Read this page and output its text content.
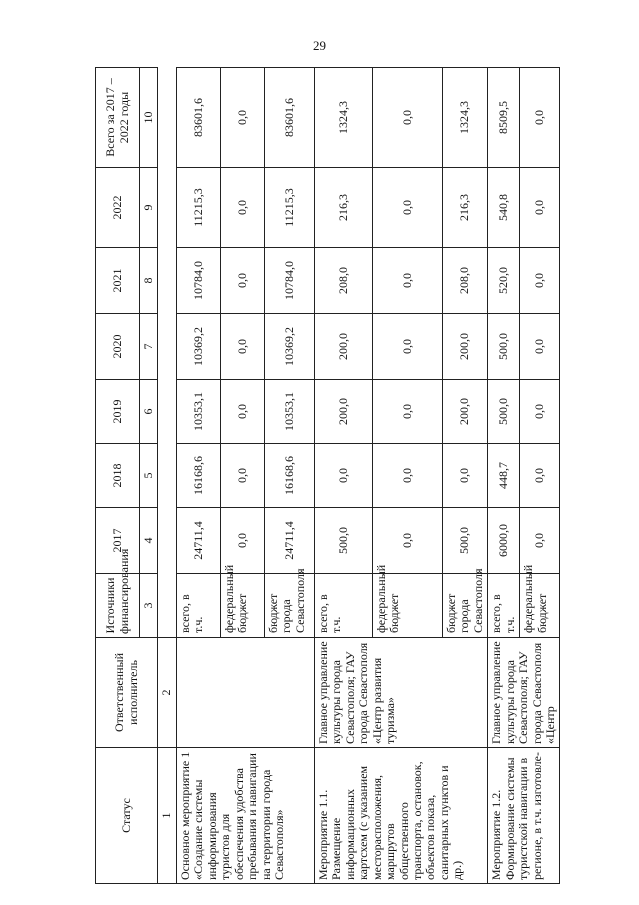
29
Статус	Ответственный исполнитель	Источники финансирования	2017	2018	2019	2020	2021	2022	Всего за 2017 – 2022 годы
		3	4	5	6	7	8	9	10

1	2								
Основное мероприятие 1 «Создание системы информирования туристов для обеспечения удобства пребывания и навигации на территории города Севастополя»		всего, в т.ч.	24711,4	16168,6	10353,1	10369,2	10784,0	11215,3	83601,6
		федеральный бюджет	0,0	0,0	0,0	0,0	0,0	0,0	0,0
		бюджет города Севастополя	24711,4	16168,6	10353,1	10369,2	10784,0	11215,3	83601,6
Мероприятие 1.1. Размещение информационных картсхем (с указанием месторасположения, маршрутов общественного транспорта, остановок, объектов показа, санитарных пунктов и др.)	Главное управление культуры города Севастополя; ГАУ города Севастополя «Центр развития туризма»	всего, в т.ч.	500,0	0,0	200,0	200,0	208,0	216,3	1324,3
		федеральный бюджет	0,0	0,0	0,0	0,0	0,0	0,0	0,0
		бюджет города Севастополя	500,0	0,0	200,0	200,0	208,0	216,3	1324,3
Мероприятие 1.2. Формирование системы туристской навигации в регионе, в т.ч. изготовле-	Главное управление культуры города Севастополя; ГАУ города Севастополя «Центр	всего, в т.ч.	6000,0	448,7	500,0	500,0	520,0	540,8	8509,5
		федеральный бюджет	0,0	0,0	0,0	0,0	0,0	0,0	0,0
